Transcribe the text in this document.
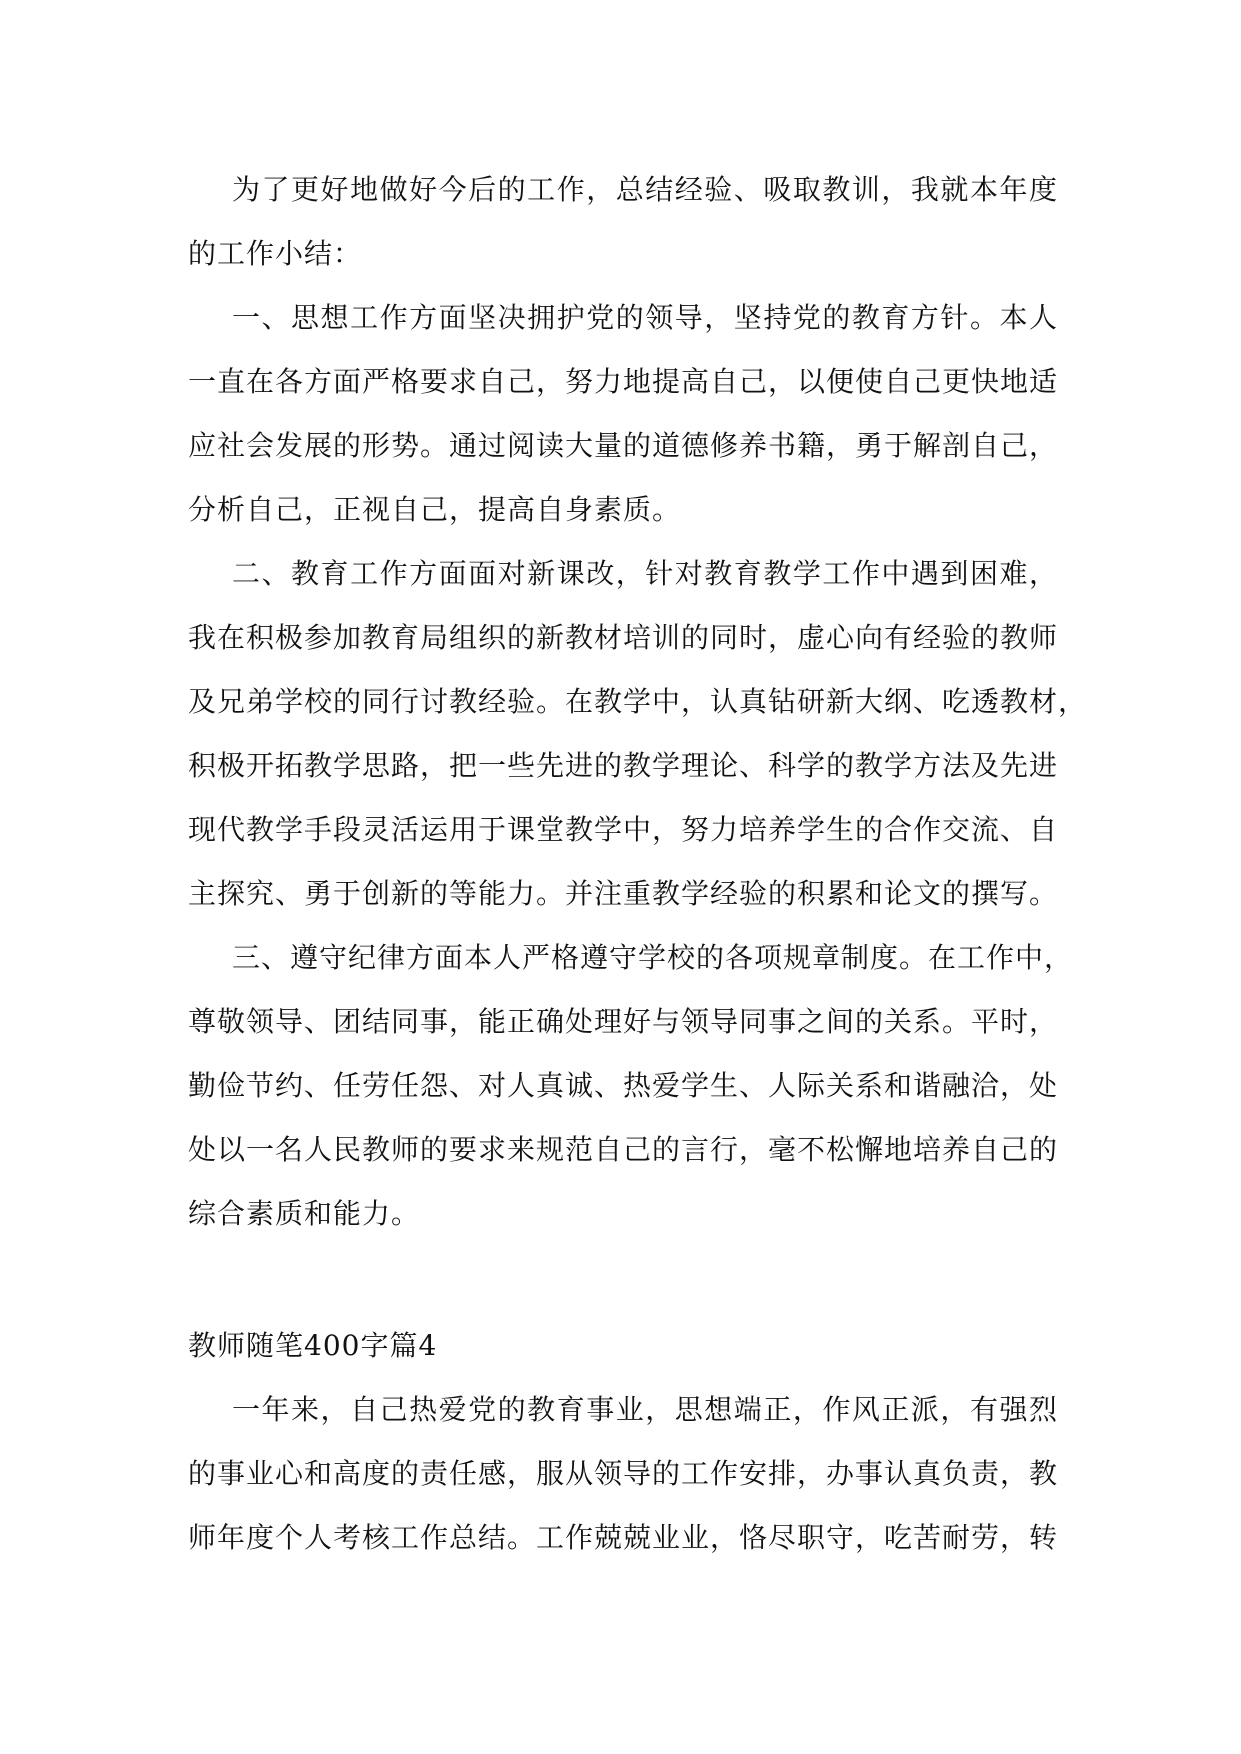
为了更好地做好今后的工作，总结经验、吸取教训，我就本年度
的工作小结：
一、思想工作方面坚决拥护党的领导，坚持党的教育方针。本人
一直在各方面严格要求自己，努力地提高自己，以便使自己更快地适
应社会发展的形势。通过阅读大量的道德修养书籍，勇于解剖自己，
分析自己，正视自己，提高自身素质。
二、教育工作方面面对新课改，针对教育教学工作中遇到困难，
我在积极参加教育局组织的新教材培训的同时，虚心向有经验的教师
及兄弟学校的同行讨教经验。在教学中，认真钻研新大纲、吃透教材，
积极开拓教学思路，把一些先进的教学理论、科学的教学方法及先进
现代教学手段灵活运用于课堂教学中，努力培养学生的合作交流、自
主探究、勇于创新的等能力。并注重教学经验的积累和论文的撰写。
三、遵守纪律方面本人严格遵守学校的各项规章制度。在工作中，
尊敬领导、团结同事，能正确处理好与领导同事之间的关系。平时，
勤俭节约、任劳任怨、对人真诚、热爱学生、人际关系和谐融洽，处
处以一名人民教师的要求来规范自己的言行，毫不松懈地培养自己的
综合素质和能力。
教师随笔400字篇4
一年来，自己热爱党的教育事业，思想端正，作风正派，有强烈
的事业心和高度的责任感，服从领导的工作安排，办事认真负责，教
师年度个人考核工作总结。工作兢兢业业，恪尽职守，吃苦耐劳，转
